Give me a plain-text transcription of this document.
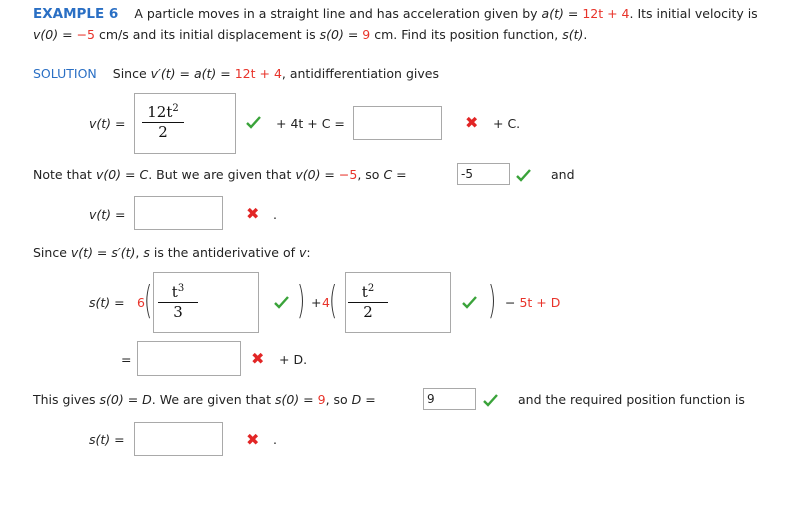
EXAMPLE 6 A particle moves in a straight line and has acceleration given by a(t) = 12t + 4. Its initial velocity is
v(0) = −5 cm/s and its initial displacement is s(0) = 9 cm. Find its position function, s(t).
SOLUTION Since v′(t) = a(t) = 12t + 4, antidifferentiation gives
v(t) =
$12t^2$
2	+ 4t + C =	✖ + C.
Note that v(0) = C. But we are given that v(0) = −5, so C =	-5	and
v(t) =	✖ .
Since v(t) = s′(t), s is the antiderivative of v:
s(t) = 6 (	$t^3$
3	) + 4 (	$t^2$
2	) − 5t + D
=	✖ + D.
This gives s(0) = D. We are given that s(0) = 9, so D =	9	and the required position function is
s(t) =	✖ .
